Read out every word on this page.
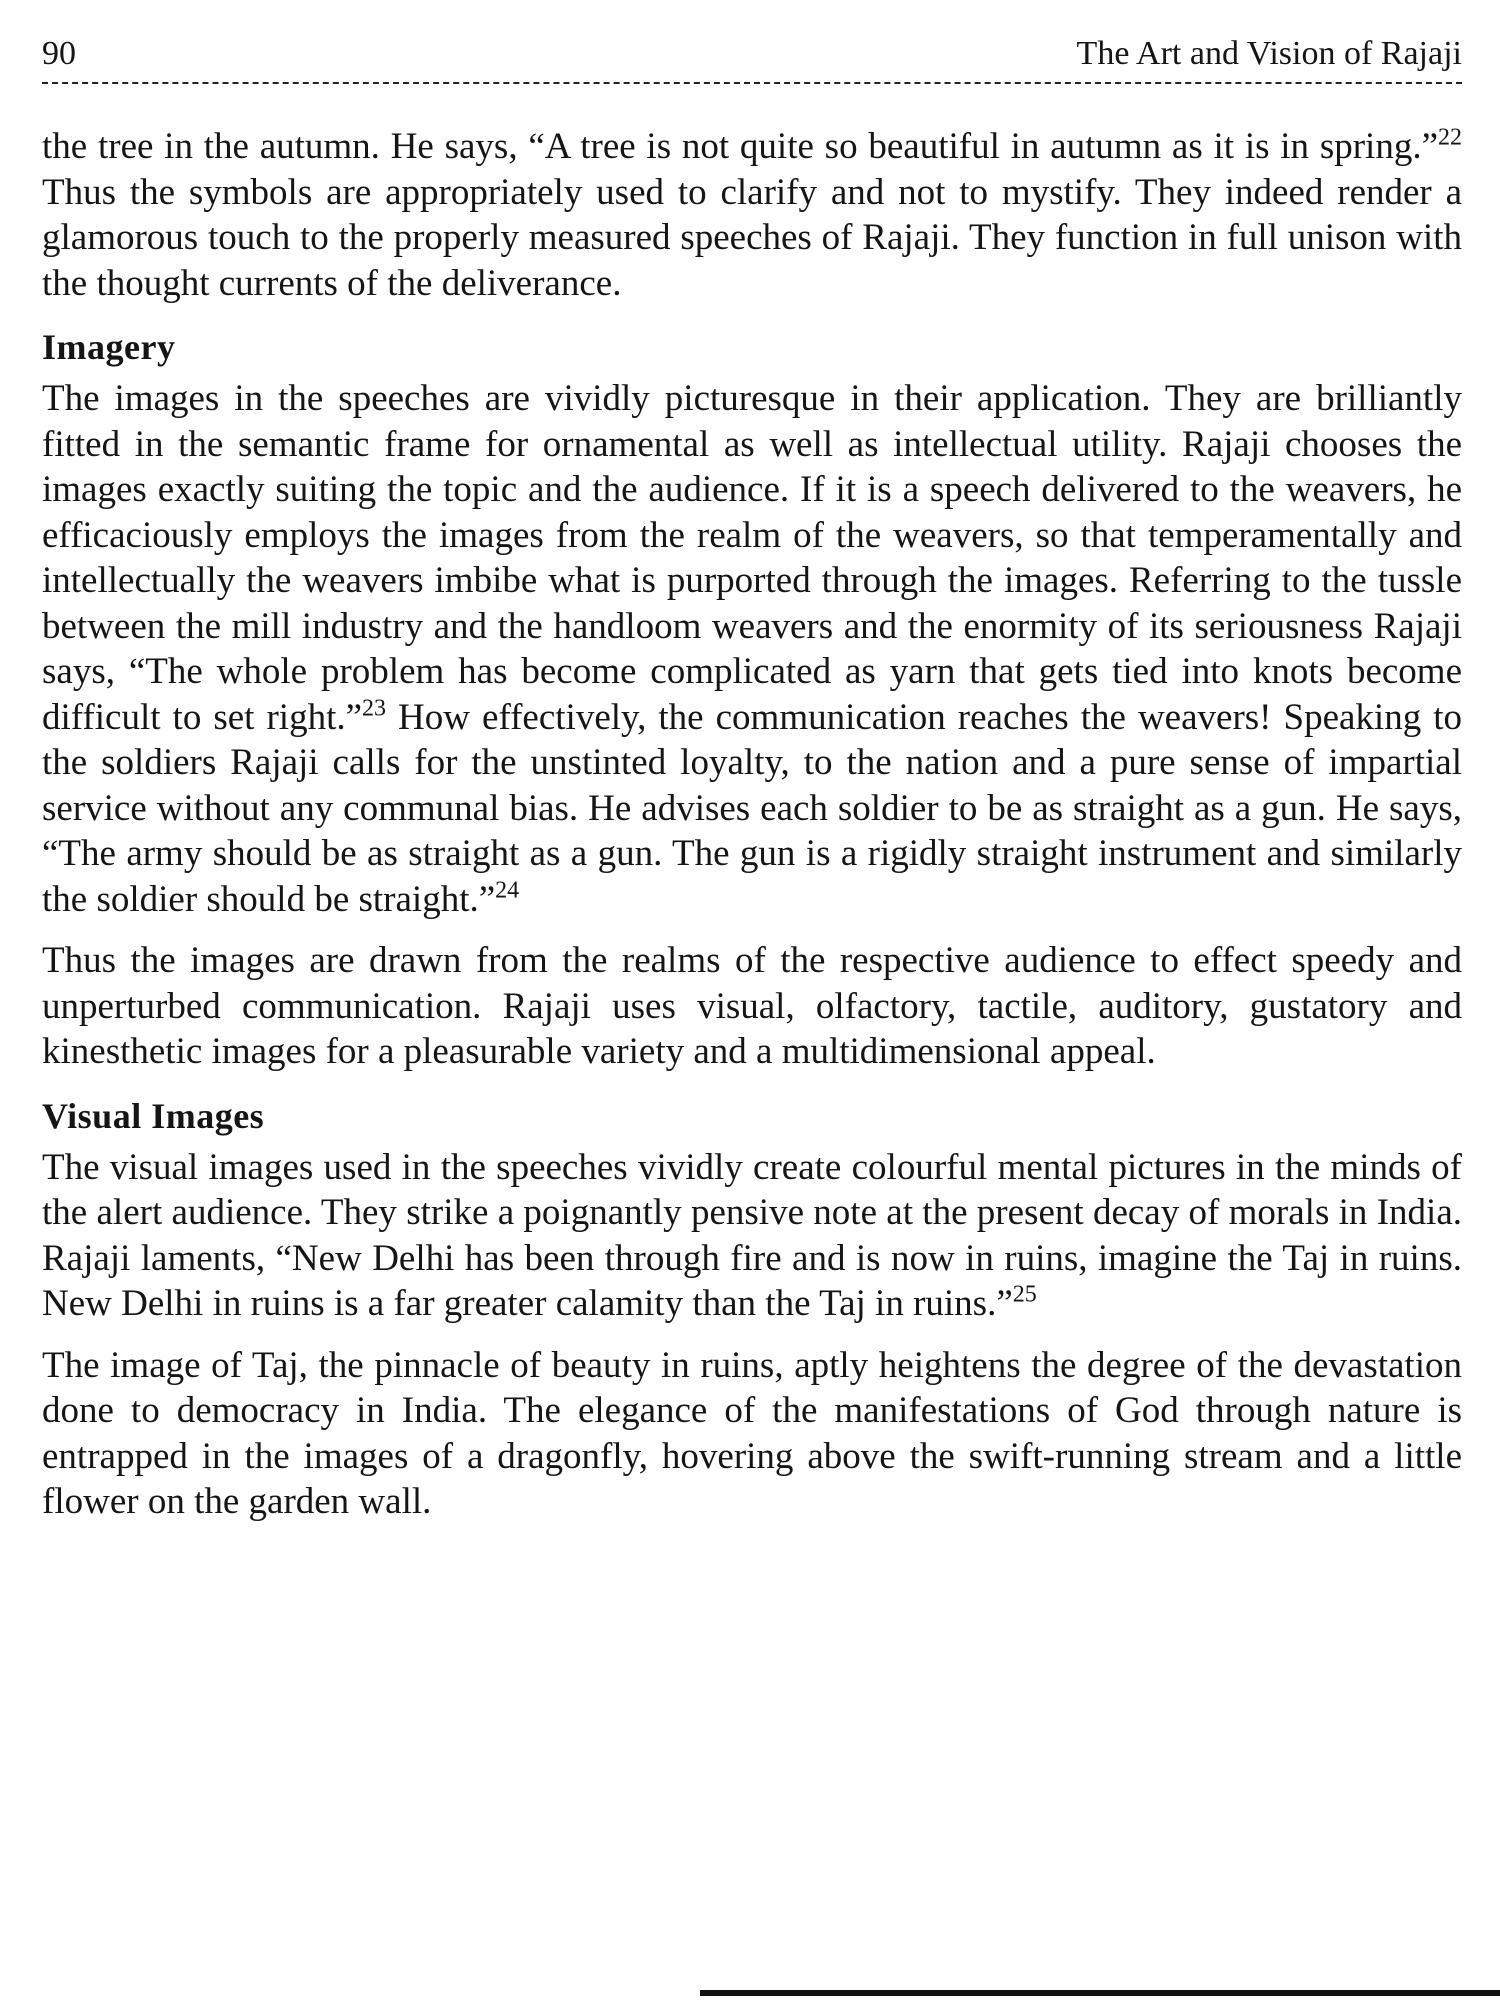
90	The Art and Vision of Rajaji

the tree in the autumn. He says, “A tree is not quite so beautiful in autumn as it is in spring.”$^{22}$ Thus the symbols are appropriately used to clarify and not to mystify. They indeed render a glamorous touch to the properly measured speeches of Rajaji. They function in full unison with the thought currents of the deliverance.

Imagery

The images in the speeches are vividly picturesque in their application. They are brilliantly fitted in the semantic frame for ornamental as well as intellectual utility. Rajaji chooses the images exactly suiting the topic and the audience. If it is a speech delivered to the weavers, he efficaciously employs the images from the realm of the weavers, so that temperamentally and intellectually the weavers imbibe what is purported through the images. Referring to the tussle between the mill industry and the handloom weavers and the enormity of its seriousness Rajaji says, “The whole problem has become complicated as yarn that gets tied into knots become difficult to set right.”$^{23}$ How effectively, the communication reaches the weavers! Speaking to the soldiers Rajaji calls for the unstinted loyalty, to the nation and a pure sense of impartial service without any communal bias. He advises each soldier to be as straight as a gun. He says, “The army should be as straight as a gun. The gun is a rigidly straight instrument and similarly the soldier should be straight.”$^{24}$

Thus the images are drawn from the realms of the respective audience to effect speedy and unperturbed communication. Rajaji uses visual, olfactory, tactile, auditory, gustatory and kinesthetic images for a pleasurable variety and a multidimensional appeal.

Visual Images

The visual images used in the speeches vividly create colourful mental pictures in the minds of the alert audience. They strike a poignantly pensive note at the present decay of morals in India. Rajaji laments, “New Delhi has been through fire and is now in ruins, imagine the Taj in ruins. New Delhi in ruins is a far greater calamity than the Taj in ruins.”$^{25}$

The image of Taj, the pinnacle of beauty in ruins, aptly heightens the degree of the devastation done to democracy in India. The elegance of the manifestations of God through nature is entrapped in the images of a dragonfly, hovering above the swift-running stream and a little flower on the garden wall.
